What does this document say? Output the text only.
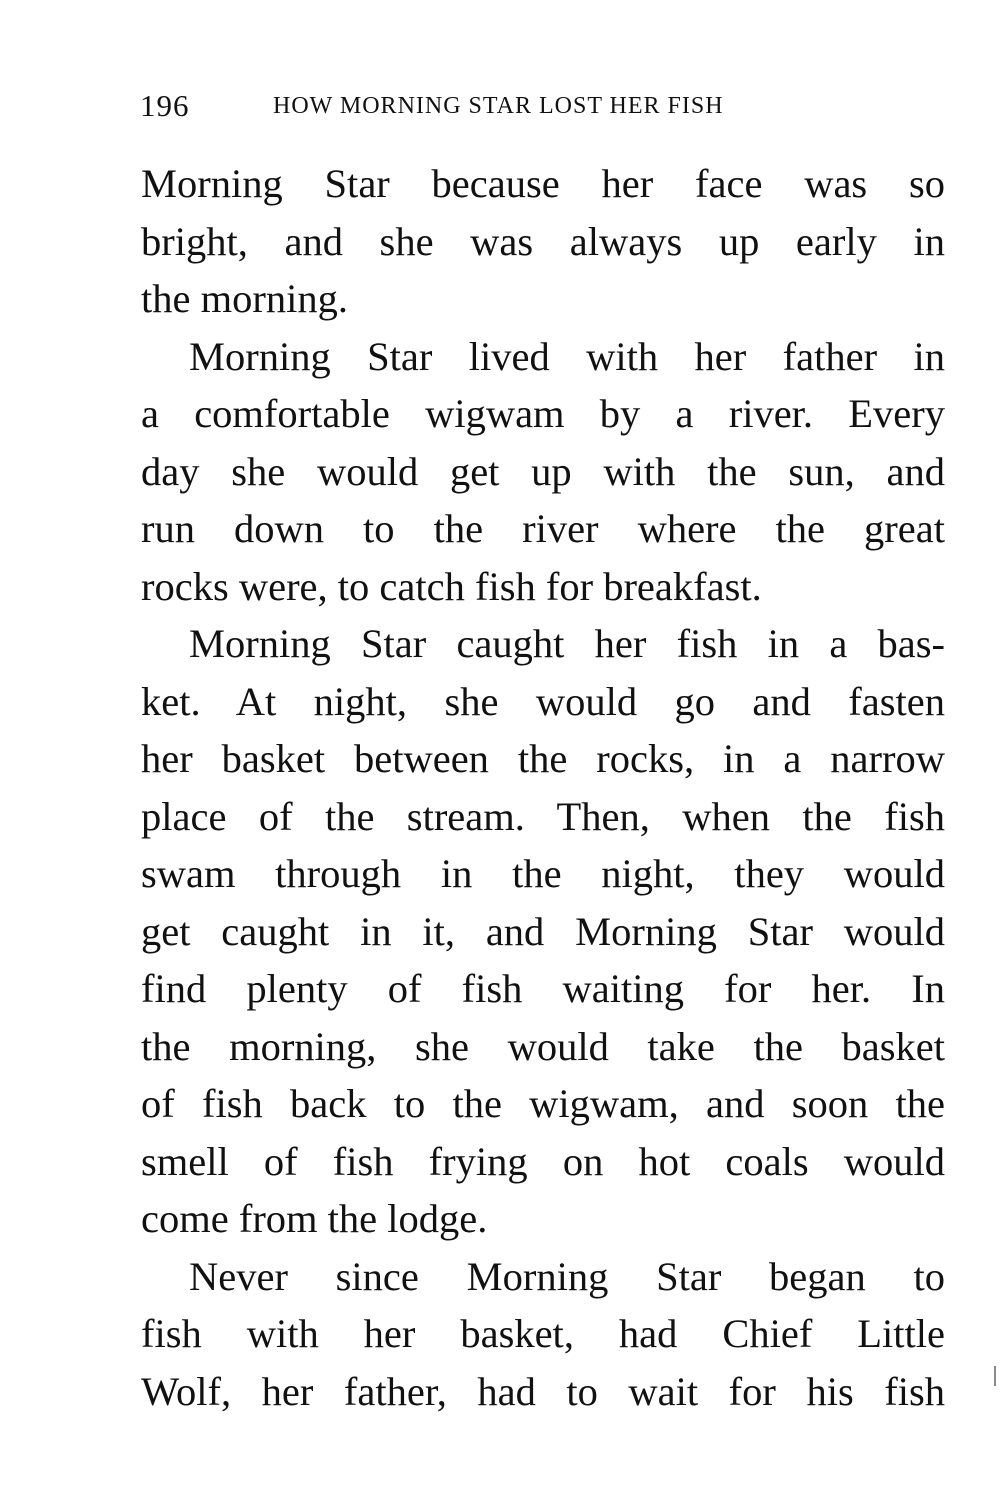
196	HOW MORNING STAR LOST HER FISH
Morning Star because her face was so
bright, and she was always up early in
the morning.
Morning Star lived with her father in
a comfortable wigwam by a river. Every
day she would get up with the sun, and
run down to the river where the great
rocks were, to catch fish for breakfast.
Morning Star caught her fish in a bas-
ket. At night, she would go and fasten
her basket between the rocks, in a narrow
place of the stream. Then, when the fish
swam through in the night, they would
get caught in it, and Morning Star would
find plenty of fish waiting for her. In
the morning, she would take the basket
of fish back to the wigwam, and soon the
smell of fish frying on hot coals would
come from the lodge.
Never since Morning Star began to
fish with her basket, had Chief Little
Wolf, her father, had to wait for his fish
